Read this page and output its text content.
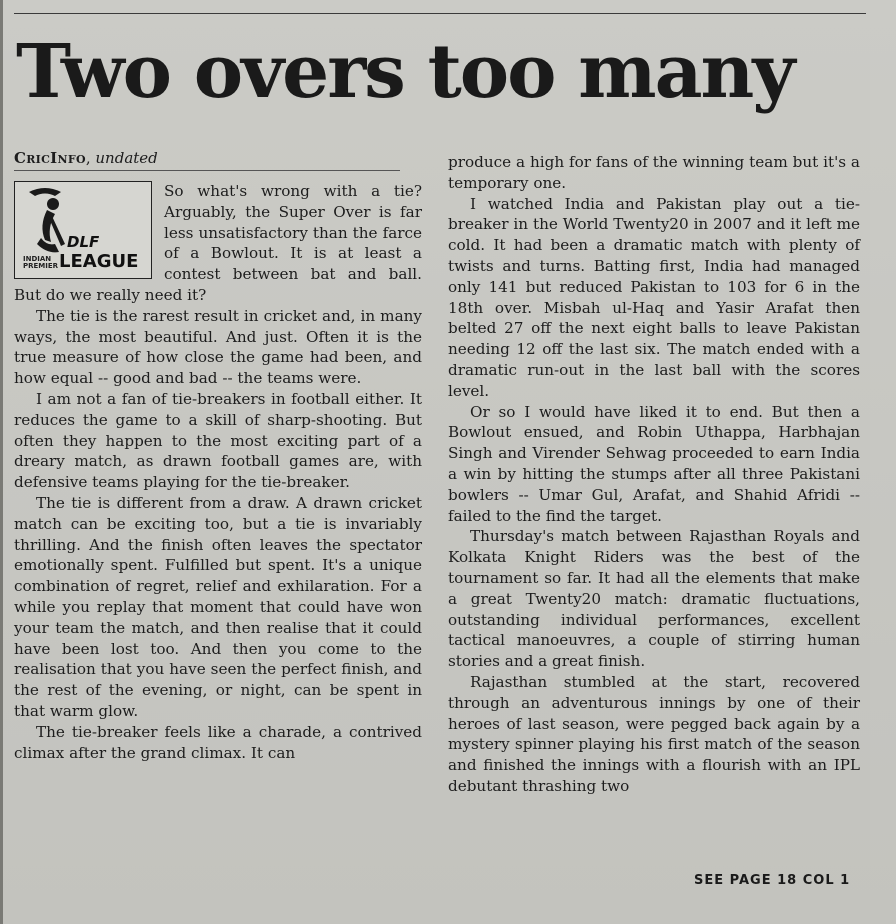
Two overs too many
CricInfo, undated
DLF
INDIAN
PREMIER LEAGUE

So what's wrong with a tie? Arguably, the Super Over is far less unsatisfactory than the farce of a Bowlout. It is at least a contest between bat and ball. But do we really need it?

The tie is the rarest result in cricket and, in many ways, the most beautiful. And just. Often it is the true measure of how close the game had been, and how equal -- good and bad -- the teams were.

I am not a fan of tie-breakers in football either. It reduces the game to a skill of sharp-shooting. But often they happen to the most exciting part of a dreary match, as drawn football games are, with defensive teams playing for the tie-breaker.

The tie is different from a draw. A drawn cricket match can be exciting too, but a tie is invariably thrilling. And the finish often leaves the spectator emotionally spent. Fulfilled but spent. It's a unique combination of regret, relief and exhilaration. For a while you replay that moment that could have won your team the match, and then realise that it could have been lost too. And then you come to the realisation that you have seen the perfect finish, and the rest of the evening, or night, can be spent in that warm glow.

The tie-breaker feels like a charade, a contrived climax after the grand climax. It can

produce a high for fans of the winning team but it's a temporary one.

I watched India and Pakistan play out a tie-breaker in the World Twenty20 in 2007 and it left me cold. It had been a dramatic match with plenty of twists and turns. Batting first, India had managed only 141 but reduced Pakistan to 103 for 6 in the 18th over. Misbah ul-Haq and Yasir Arafat then belted 27 off the next eight balls to leave Pakistan needing 12 off the last six. The match ended with a dramatic run-out in the last ball with the scores level.

Or so I would have liked it to end. But then a Bowlout ensued, and Robin Uthappa, Harbhajan Singh and Virender Sehwag proceeded to earn India a win by hitting the stumps after all three Pakistani bowlers -- Umar Gul, Arafat, and Shahid Afridi -- failed to the find the target.

Thursday's match between Rajasthan Royals and Kolkata Knight Riders was the best of the tournament so far. It had all the elements that make a great Twenty20 match: dramatic fluctuations, outstanding individual performances, excellent tactical manoeuvres, a couple of stirring human stories and a great finish.

Rajasthan stumbled at the start, recovered through an adventurous innings by one of their heroes of last season, were pegged back again by a mystery spinner playing his first match of the season and finished the innings with a flourish with an IPL debutant thrashing two

SEE PAGE 18 COL 1
